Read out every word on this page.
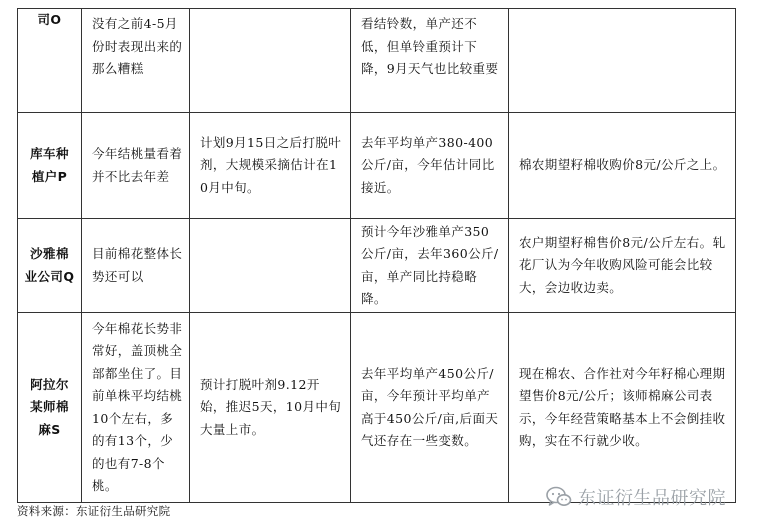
司O	没有之前4-5月份时表现出来的那么糟糕		看结铃数，单产还不低，但单铃重预计下降，9月天气也比较重要	
库车种植户P	今年结桃量看着并不比去年差	计划9月15日之后打脱叶剂，大规模采摘估计在10月中旬。	去年平均单产380-400公斤/亩，今年估计同比接近。	棉农期望籽棉收购价8元/公斤之上。
沙雅棉业公司Q	目前棉花整体长势还可以		预计今年沙雅单产350公斤/亩，去年360公斤/亩，单产同比持稳略降。	农户期望籽棉售价8元/公斤左右。轧花厂认为今年收购风险可能会比较大，会边收边卖。
阿拉尔某师棉麻S	今年棉花长势非常好，盖顶桃全部都坐住了。目前单株平均结桃10个左右，多的有13个，少的也有7-8个桃。	预计打脱叶剂9.12开始，推迟5天，10月中旬大量上市。	去年平均单产450公斤/亩，今年预计平均单产高于450公斤/亩,后面天气还存在一些变数。	现在棉农、合作社对今年籽棉心理期望售价8元/公斤；该师棉麻公司表示，今年经营策略基本上不会倒挂收购，实在不行就少收。
资料来源：东证衍生品研究院
东证衍生品研究院
